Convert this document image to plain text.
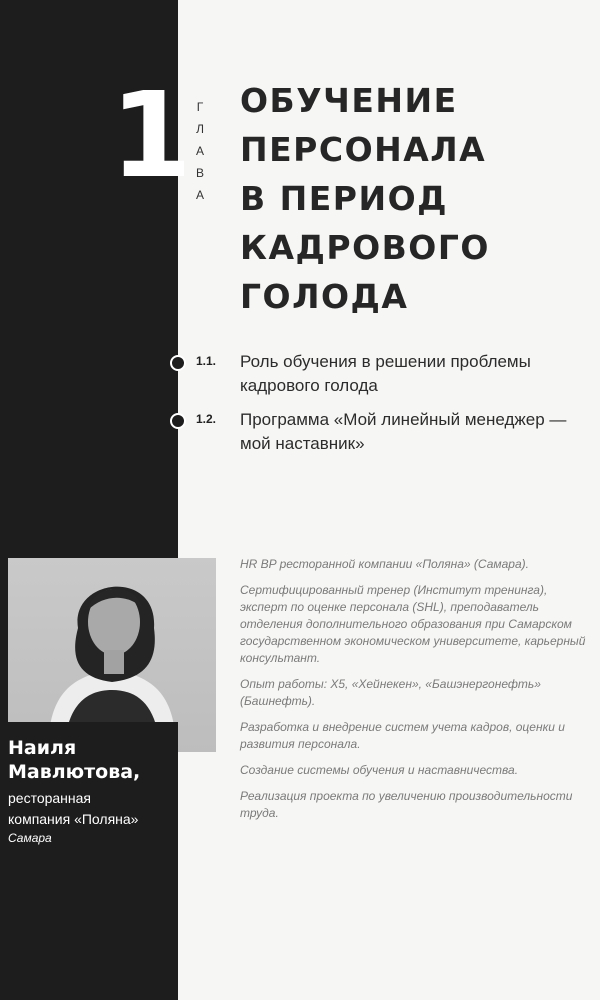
1 Г
Л
А
В
А
ОБУЧЕНИЕ
ПЕРСОНАЛА
В ПЕРИОД
КАДРОВОГО
ГОЛОДА
1.1. Роль обучения в решении проблемы кадрового голода
1.2. Программа «Мой линейный менеджер — мой наставник»
Наиля
Мавлютова,
ресторанная
компания «Поляна»
Самара

HR BP ресторанной компании «Поляна» (Самара).

Сертифицированный тренер (Институт тренинга), эксперт по оценке персонала (SHL), преподаватель отделения дополнительного образования при Самарском государственном экономическом университете, карьерный консультант.

Опыт работы: Х5, «Хейнекен», «Башэнергонефть» (Башнефть).

Разработка и внедрение систем учета кадров, оценки и развития персонала.

Создание системы обучения и наставничества.

Реализация проекта по увеличению производительности труда.
